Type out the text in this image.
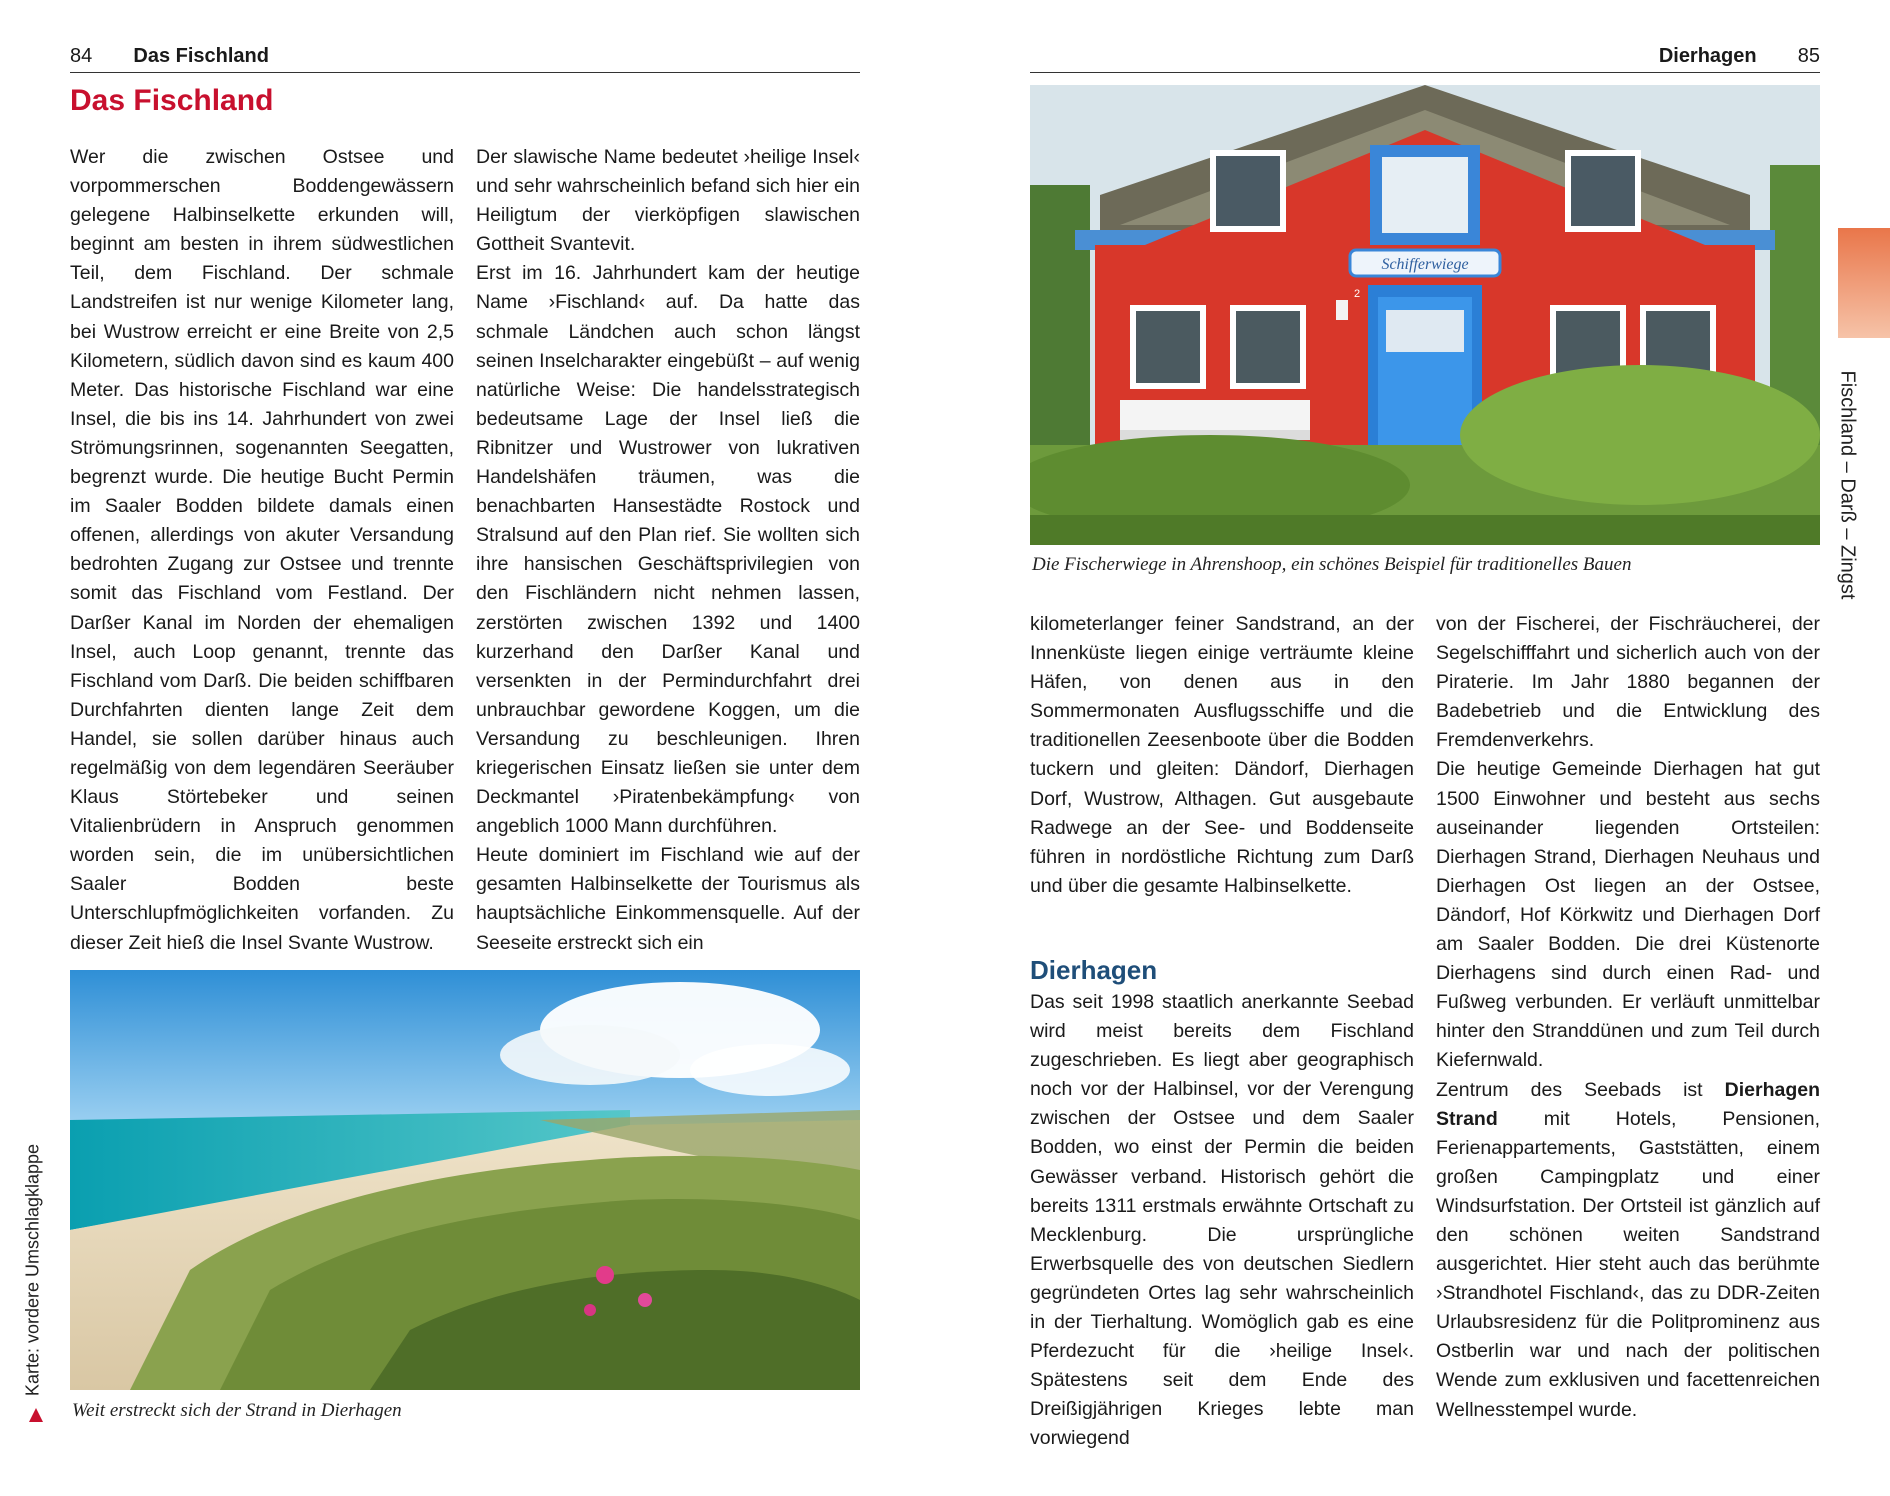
84 Das Fischland
Das Fischland

Wer die zwischen Ostsee und vorpommerschen Boddengewässern gelegene Halbinselkette erkunden will, beginnt am besten in ihrem südwestlichen Teil, dem Fischland. Der schmale Landstreifen ist nur wenige Kilometer lang, bei Wustrow erreicht er eine Breite von 2,5 Kilometern, südlich davon sind es kaum 400 Meter. Das historische Fischland war eine Insel, die bis ins 14. Jahrhundert von zwei Strömungsrinnen, sogenannten Seegatten, begrenzt wurde. Die heutige Bucht Permin im Saaler Bodden bildete damals einen offenen, allerdings von akuter Versandung bedrohten Zugang zur Ostsee und trennte somit das Fischland vom Festland. Der Darßer Kanal im Norden der ehemaligen Insel, auch Loop genannt, trennte das Fischland vom Darß. Die beiden schiffbaren Durchfahrten dienten lange Zeit dem Handel, sie sollen darüber hinaus auch regelmäßig von dem legendären Seeräuber Klaus Störtebeker und seinen Vitalienbrüdern in Anspruch genommen worden sein, die im unübersichtlichen Saaler Bodden beste Unterschlupfmöglichkeiten vorfanden. Zu dieser Zeit hieß die Insel Svante Wustrow.

Der slawische Name bedeutet ›heilige Insel‹ und sehr wahrscheinlich befand sich hier ein Heiligtum der vierköpfigen slawischen Gottheit Svantevit.

Erst im 16. Jahrhundert kam der heutige Name ›Fischland‹ auf. Da hatte das schmale Ländchen auch schon längst seinen Inselcharakter eingebüßt – auf wenig natürliche Weise: Die handelsstrategisch bedeutsame Lage der Insel ließ die Ribnitzer und Wustrower von lukrativen Handelshäfen träumen, was die benachbarten Hansestädte Rostock und Stralsund auf den Plan rief. Sie wollten sich ihre hansischen Geschäftsprivilegien von den Fischländern nicht nehmen lassen, zerstörten zwischen 1392 und 1400 kurzerhand den Darßer Kanal und versenkten in der Permindurchfahrt drei unbrauchbar gewordene Koggen, um die Versandung zu beschleunigen. Ihren kriegerischen Einsatz ließen sie unter dem Deckmantel ›Piratenbekämpfung‹ von angeblich 1000 Mann durchführen.

Heute dominiert im Fischland wie auf der gesamten Halbinselkette der Tourismus als hauptsächliche Einkommensquelle. Auf der Seeseite erstreckt sich ein

Weit erstreckt sich der Strand in Dierhagen
Karte: vordere Umschlagklappe
Dierhagen 85
Schifferwiege
2
Die Fischerwiege in Ahrenshoop, ein schönes Beispiel für traditionelles Bauen

kilometerlanger feiner Sandstrand, an der Innenküste liegen einige verträumte kleine Häfen, von denen aus in den Sommermonaten Ausflugsschiffe und die traditionellen Zeesenboote über die Bodden tuckern und gleiten: Dändorf, Dierhagen Dorf, Wustrow, Althagen. Gut ausgebaute Radwege an der See- und Boddenseite führen in nordöstliche Richtung zum Darß und über die gesamte Halbinselkette.

Dierhagen

Das seit 1998 staatlich anerkannte Seebad wird meist bereits dem Fischland zugeschrieben. Es liegt aber geographisch noch vor der Halbinsel, vor der Verengung zwischen der Ostsee und dem Saaler Bodden, wo einst der Permin die beiden Gewässer verband. Historisch gehört die bereits 1311 erstmals erwähnte Ortschaft zu Mecklenburg. Die ursprüngliche Erwerbsquelle des von deutschen Siedlern gegründeten Ortes lag sehr wahrscheinlich in der Tierhaltung. Womöglich gab es eine Pferdezucht für die ›heilige Insel‹. Spätestens seit dem Ende des Dreißigjährigen Krieges lebte man vorwiegend

von der Fischerei, der Fischräucherei, der Segelschifffahrt und sicherlich auch von der Piraterie. Im Jahr 1880 begannen der Badebetrieb und die Entwicklung des Fremdenverkehrs.

Die heutige Gemeinde Dierhagen hat gut 1500 Einwohner und besteht aus sechs auseinander liegenden Ortsteilen: Dierhagen Strand, Dierhagen Neuhaus und Dierhagen Ost liegen an der Ostsee, Dändorf, Hof Körkwitz und Dierhagen Dorf am Saaler Bodden. Die drei Küstenorte Dierhagens sind durch einen Rad- und Fußweg verbunden. Er verläuft unmittelbar hinter den Stranddünen und zum Teil durch Kiefernwald.

Zentrum des Seebads ist Dierhagen Strand mit Hotels, Pensionen, Ferienappartements, Gaststätten, einem großen Campingplatz und einer Windsurfstation. Der Ortsteil ist gänzlich auf den schönen weiten Sandstrand ausgerichtet. Hier steht auch das berühmte ›Strandhotel Fischland‹, das zu DDR-Zeiten Urlaubsresidenz für die Politprominenz aus Ostberlin war und nach der politischen Wende zum exklusiven und facettenreichen Wellnesstempel wurde.

Fischland – Darß – Zingst
